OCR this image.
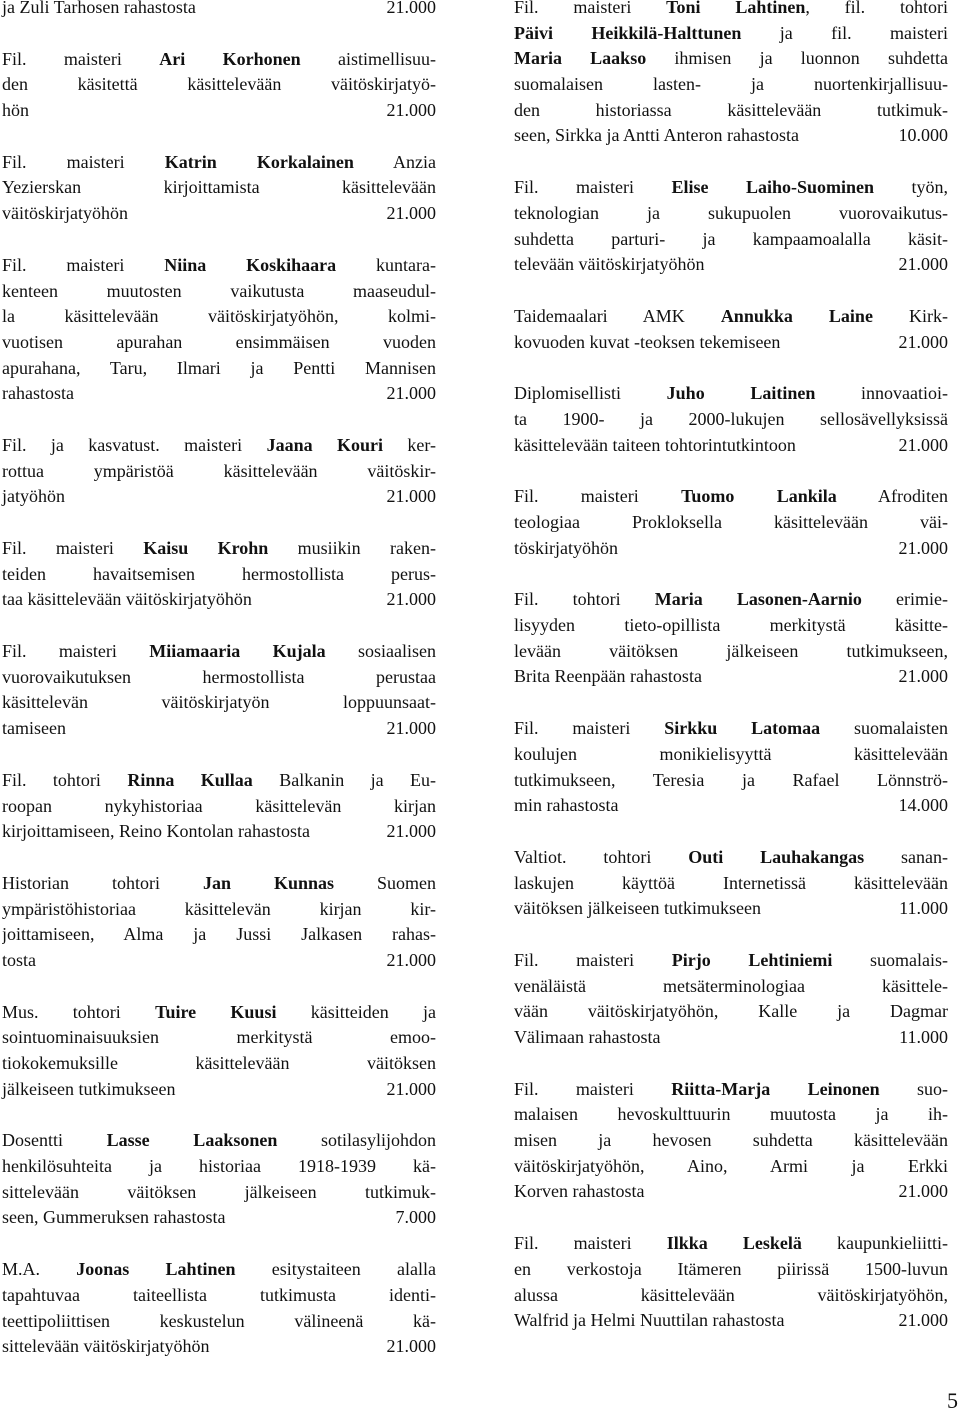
ja Zuli Tarhosen rahastosta	21.000
Fil. maisteri Ari Korhonen aistimellisuu-
den käsitettä käsittelevään väitöskirjatyö-
hön	21.000
Fil. maisteri Katrin Korkalainen Anzia
Yezierskan kirjoittamista käsittelevään
väitöskirjatyöhön	21.000
Fil. maisteri Niina Koskihaara kuntara-
kenteen muutosten vaikutusta maaseudul-
la käsittelevään väitöskirjatyöhön, kolmi-
vuotisen apurahan ensimmäisen vuoden
apurahana, Taru, Ilmari ja Pentti Mannisen
rahastosta	21.000
Fil. ja kasvatust. maisteri Jaana Kouri ker-
rottua ympäristöä käsittelevään väitöskir-
jatyöhön	21.000
Fil. maisteri Kaisu Krohn musiikin raken-
teiden havaitsemisen hermostollista perus-
taa käsittelevään väitöskirjatyöhön	21.000
Fil. maisteri Miiamaaria Kujala sosiaalisen
vuorovaikutuksen hermostollista perustaa
käsittelevän väitöskirjatyön loppuunsaat-
tamiseen	21.000
Fil. tohtori Rinna Kullaa Balkanin ja Eu-
roopan nykyhistoriaa käsittelevän kirjan
kirjoittamiseen, Reino Kontolan rahastosta	21.000
Historian tohtori Jan Kunnas Suomen
ympäristöhistoriaa käsittelevän kirjan kir-
joittamiseen, Alma ja Jussi Jalkasen rahas-
tosta	21.000
Mus. tohtori Tuire Kuusi käsitteiden ja
sointuominaisuuksien merkitystä emoo-
tiokokemuksille käsittelevään väitöksen
jälkeiseen tutkimukseen	21.000
Dosentti Lasse Laaksonen sotilasylijohdon
henkilösuhteita ja historiaa 1918-1939 kä-
sittelevään väitöksen jälkeiseen tutkimuk-
seen, Gummeruksen rahastosta	7.000
M.A. Joonas Lahtinen esitystaiteen alalla
tapahtuvaa taiteellista tutkimusta identi-
teettipoliittisen keskustelun välineenä kä-
sittelevään väitöskirjatyöhön	21.000
Fil. maisteri Toni Lahtinen, fil. tohtori
Päivi Heikkilä-Halttunen ja fil. maisteri
Maria Laakso ihmisen ja luonnon suhdetta
suomalaisen lasten- ja nuortenkirjallisuu-
den historiassa käsittelevään tutkimuk-
seen, Sirkka ja Antti Anteron rahastosta	10.000
Fil. maisteri Elise Laiho-Suominen työn,
teknologian ja sukupuolen vuorovaikutus-
suhdetta parturi- ja kampaamoalalla käsit-
televään väitöskirjatyöhön	21.000
Taidemaalari AMK Annukka Laine Kirk-
kovuoden kuvat -teoksen tekemiseen	21.000
Diplomisellisti Juho Laitinen innovaatioi-
ta 1900- ja 2000-lukujen sellosävellyksissä
käsittelevään taiteen tohtorintutkintoon	21.000
Fil. maisteri Tuomo Lankila Afroditen
teologiaa Prokloksella käsittelevään väi-
töskirjatyöhön	21.000
Fil. tohtori Maria Lasonen-Aarnio erimie-
lisyyden tieto-opillista merkitystä käsitte-
levään väitöksen jälkeiseen tutkimukseen,
Brita Reenpään rahastosta	21.000
Fil. maisteri Sirkku Latomaa suomalaisten
koulujen monikielisyyttä käsittelevään
tutkimukseen, Teresia ja Rafael Lönnströ-
min rahastosta	14.000
Valtiot. tohtori Outi Lauhakangas sanan-
laskujen käyttöä Internetissä käsittelevään
väitöksen jälkeiseen tutkimukseen	11.000
Fil. maisteri Pirjo Lehtiniemi suomalais-
venäläistä metsäterminologiaa käsittele-
vään väitöskirjatyöhön, Kalle ja Dagmar
Välimaan rahastosta	11.000
Fil. maisteri Riitta-Marja Leinonen suo-
malaisen hevoskulttuurin muutosta ja ih-
misen ja hevosen suhdetta käsittelevään
väitöskirjatyöhön, Aino, Armi ja Erkki
Korven rahastosta	21.000
Fil. maisteri Ilkka Leskelä kaupunkieliitti-
en verkostoja Itämeren piirissä 1500-luvun
alussa käsittelevään väitöskirjatyöhön,
Walfrid ja Helmi Nuuttilan rahastosta	21.000
5
